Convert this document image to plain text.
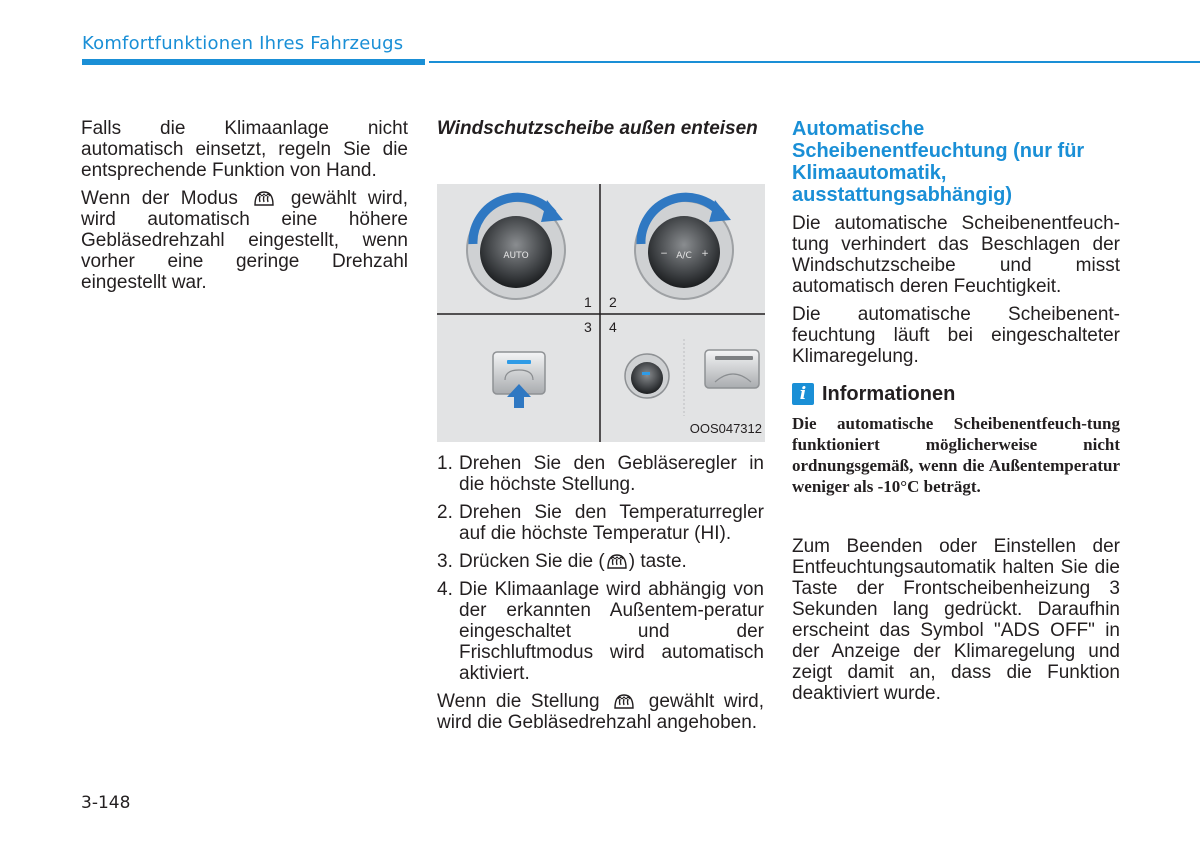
Komfortfunktionen Ihres Fahrzeugs

Falls die Klimaanlage nicht automatisch einsetzt, regeln Sie die entsprechende Funktion von Hand.

Wenn der Modus	gewählt wird, wird automatisch eine höhere Gebläsedrehzahl eingestellt, wenn vorher eine geringe Drehzahl eingestellt war.

Windschutzscheibe außen enteisen
AUTO	A/C
−	+
1 2
3 4
OOS047312
1. Drehen Sie den Gebläseregler in die höchste Stellung.
2. Drehen Sie den Temperaturregler auf die höchste Temperatur (HI).
3. Drücken Sie die ( ) taste.
4. Die Klimaanlage wird abhängig von der erkannten Außentem-peratur eingeschaltet und der Frischluftmodus wird automatisch aktiviert.

Wenn die Stellung	gewählt wird, wird die Gebläsedrehzahl angehoben.

Automatische Scheibenentfeuchtung (nur für Klimaautomatik, ausstattungsabhängig)

Die automatische Scheibenentfeuch-tung verhindert das Beschlagen der Windschutzscheibe und misst automatisch deren Feuchtigkeit.

Die automatische Scheibenent-feuchtung läuft bei eingeschalteter Klimaregelung.

i Informationen
Die automatische Scheibenentfeuch-tung funktioniert möglicherweise nicht ordnungsgemäß, wenn die Außentemperatur weniger als -10°C beträgt.

Zum Beenden oder Einstellen der Entfeuchtungsautomatik halten Sie die Taste der Frontscheibenheizung 3 Sekunden lang gedrückt. Daraufhin erscheint das Symbol "ADS OFF" in der Anzeige der Klimaregelung und zeigt damit an, dass die Funktion deaktiviert wurde.

3-148
